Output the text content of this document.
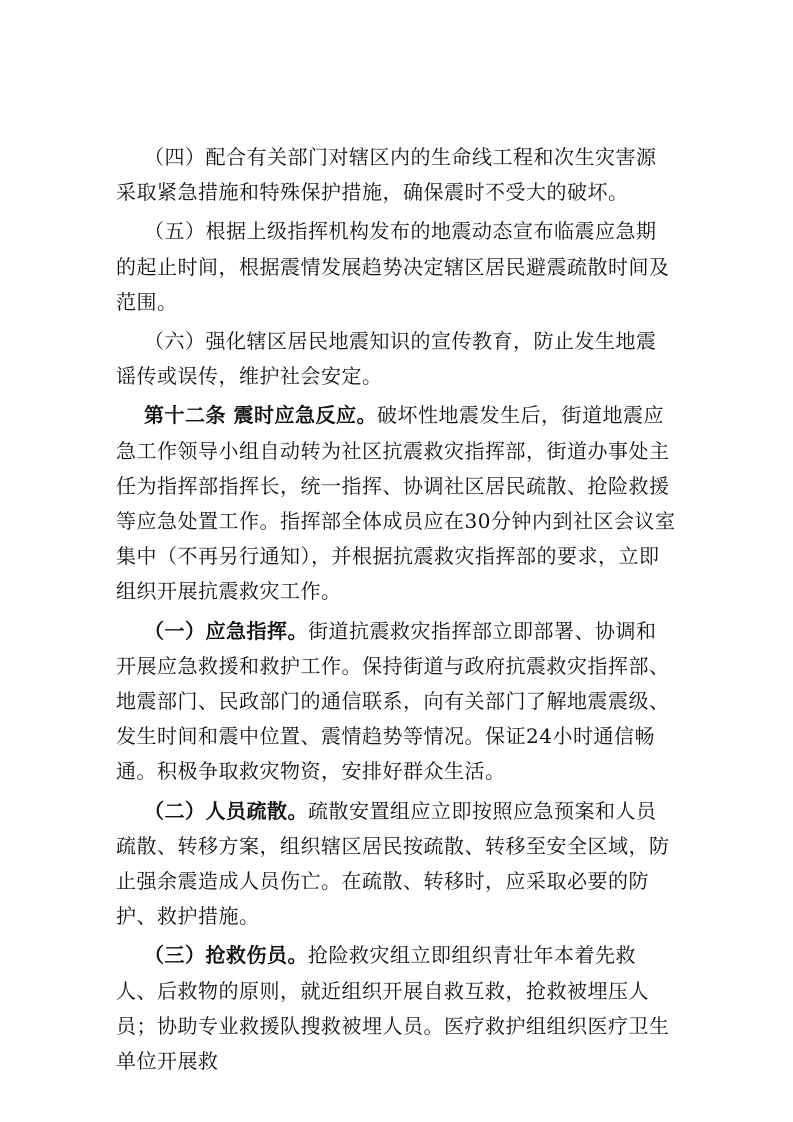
（四）配合有关部门对辖区内的生命线工程和次生灾害源采取紧急措施和特殊保护措施，确保震时不受大的破坏。

（五）根据上级指挥机构发布的地震动态宣布临震应急期的起止时间，根据震情发展趋势决定辖区居民避震疏散时间及范围。

（六）强化辖区居民地震知识的宣传教育，防止发生地震谣传或误传，维护社会安定。

第十二条 震时应急反应。破坏性地震发生后，街道地震应急工作领导小组自动转为社区抗震救灾指挥部，街道办事处主任为指挥部指挥长，统一指挥、协调社区居民疏散、抢险救援等应急处置工作。指挥部全体成员应在30分钟内到社区会议室集中（不再另行通知），并根据抗震救灾指挥部的要求，立即组织开展抗震救灾工作。

（一）应急指挥。街道抗震救灾指挥部立即部署、协调和开展应急救援和救护工作。保持街道与政府抗震救灾指挥部、地震部门、民政部门的通信联系，向有关部门了解地震震级、发生时间和震中位置、震情趋势等情况。保证24小时通信畅通。积极争取救灾物资，安排好群众生活。

（二）人员疏散。疏散安置组应立即按照应急预案和人员疏散、转移方案，组织辖区居民按疏散、转移至安全区域，防止强余震造成人员伤亡。在疏散、转移时，应采取必要的防护、救护措施。

（三）抢救伤员。抢险救灾组立即组织青壮年本着先救人、后救物的原则，就近组织开展自救互救，抢救被埋压人员；协助专业救援队搜救被埋人员。医疗救护组组织医疗卫生单位开展救
